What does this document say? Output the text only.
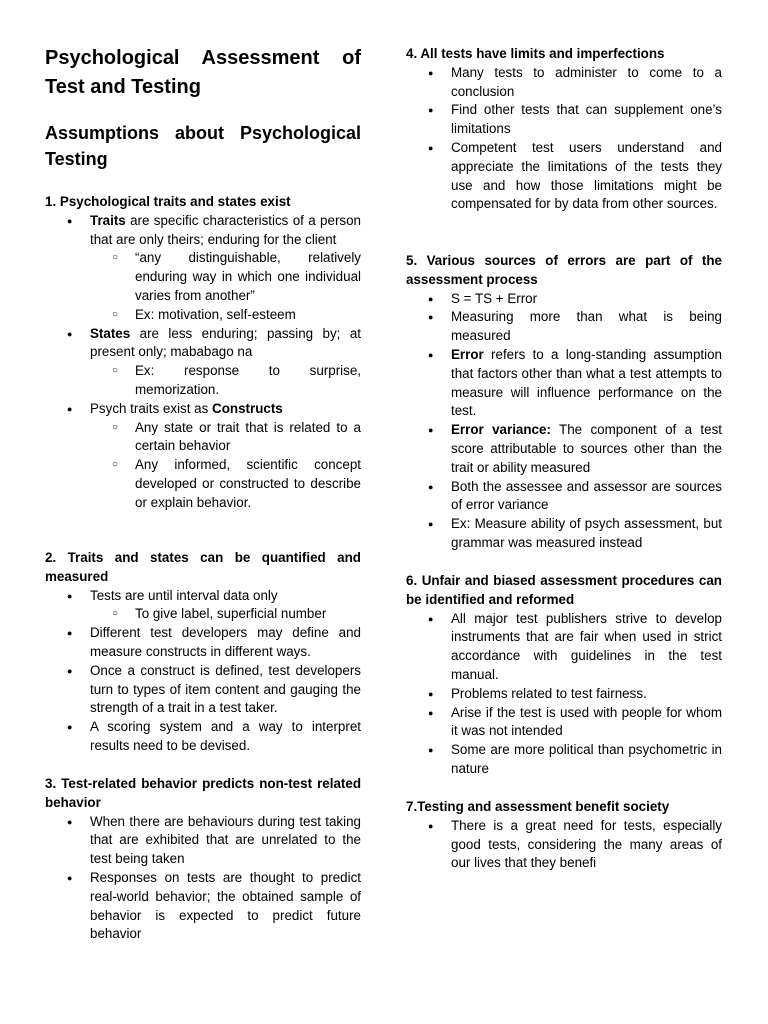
Psychological Assessment of Test and Testing
Assumptions about Psychological Testing

1. Psychological traits and states exist

● Traits are specific characteristics of a person that are only theirs; enduring for the client
○ “any distinguishable, relatively enduring way in which one individual varies from another”
○ Ex: motivation, self-esteem
● States are less enduring; passing by; at present only; mababago na
○ Ex: response to surprise, memorization.
● Psych traits exist as Constructs
○ Any state or trait that is related to a certain behavior
○ Any informed, scientific concept developed or constructed to describe or explain behavior.

2. Traits and states can be quantified and measured

● Tests are until interval data only
○ To give label, superficial number
● Different test developers may define and measure constructs in different ways.
● Once a construct is defined, test developers turn to types of item content and gauging the strength of a trait in a test taker.
● A scoring system and a way to interpret results need to be devised.

3. Test-related behavior predicts non-test related behavior

● When there are behaviours during test taking that are exhibited that are unrelated to the test being taken
● Responses on tests are thought to predict real-world behavior; the obtained sample of behavior is expected to predict future behavior

4. All tests have limits and imperfections

● Many tests to administer to come to a conclusion
● Find other tests that can supplement one’s limitations
● Competent test users understand and appreciate the limitations of the tests they use and how those limitations might be compensated for by data from other sources.

5. Various sources of errors are part of the assessment process

● S = TS + Error
● Measuring more than what is being measured
● Error refers to a long-standing assumption that factors other than what a test attempts to measure will influence performance on the test.
● Error variance: The component of a test score attributable to sources other than the trait or ability measured
● Both the assessee and assessor are sources of error variance
● Ex: Measure ability of psych assessment, but grammar was measured instead

6. Unfair and biased assessment procedures can be identified and reformed

● All major test publishers strive to develop instruments that are fair when used in strict accordance with guidelines in the test manual.
● Problems related to test fairness.
● Arise if the test is used with people for whom it was not intended
● Some are more political than psychometric in nature

7.Testing and assessment benefit society

● There is a great need for tests, especially good tests, considering the many areas of our lives that they benefi
